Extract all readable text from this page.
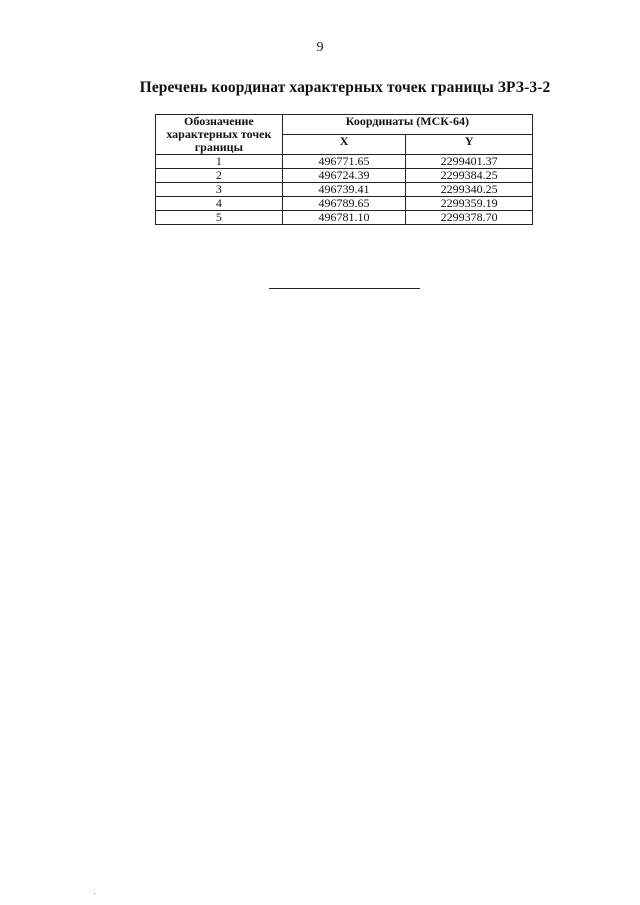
9
Перечень координат характерных точек границы ЗРЗ-3-2
Обозначение характерных точек границы	Координаты (МСК-64)	
	X	Y
1	496771.65	2299401.37
2	496724.39	2299384.25
3	496739.41	2299340.25
4	496789.65	2299359.19
5	496781.10	2299378.70
